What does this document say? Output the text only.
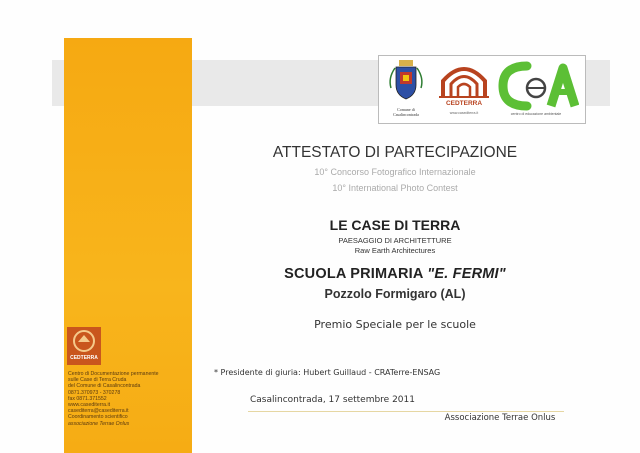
Comune di
Casalincontrada
CEDTERRA
www.casediterra.it	centro di educazione ambientale
ATTESTATO DI PARTECIPAZIONE
10° Concorso Fotografico Internazionale
10° International Photo Contest
LE CASE DI TERRA
PAESAGGIO DI ARCHITETTURE
Raw Earth Architectures
SCUOLA PRIMARIA "E. FERMI"
Pozzolo Formigaro (AL)
Premio Speciale per le scuole
* Presidente di giuria: Hubert Guillaud - CRATerre-ENSAG
Casalincontrada, 17 settembre 2011
Associazione Terrae Onlus
CEDTERRA
Centro di Documentazione permanente
sulle Case di Terra Cruda
del Comune di Casalincontrada
0871.370973 - 370278
fax 0871.371552
www.casediterra.it
casediterra@casediterra.it
Coordinamento scientifico
associazione Terrae Onlus
